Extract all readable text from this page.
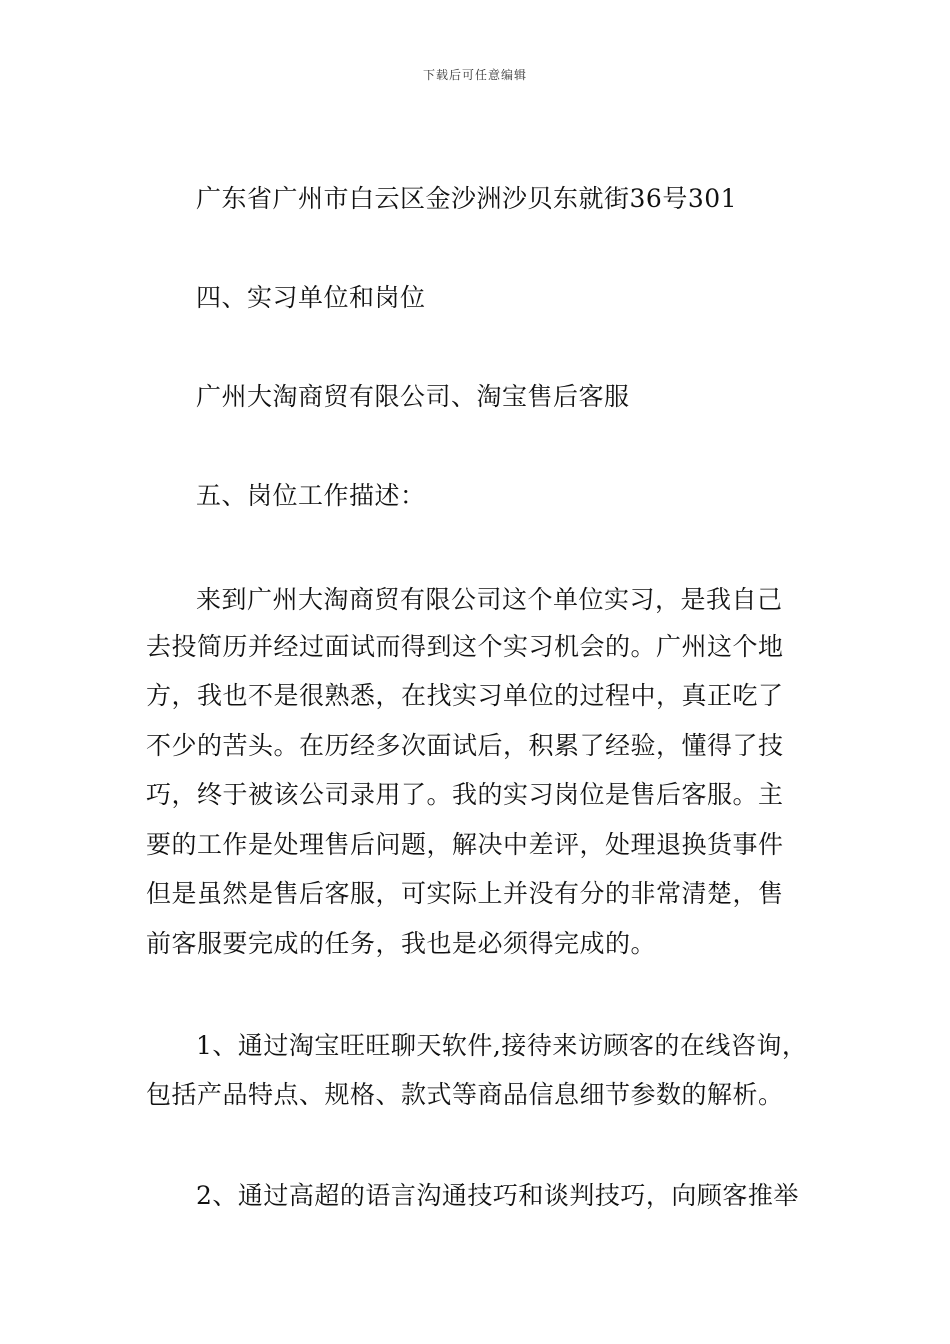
下载后可任意编辑
广东省广州市白云区金沙洲沙贝东就街36号301
四、实习单位和岗位
广州大淘商贸有限公司、淘宝售后客服
五、岗位工作描述：
来到广州大淘商贸有限公司这个单位实习，是我自己
去投简历并经过面试而得到这个实习机会的。广州这个地
方，我也不是很熟悉，在找实习单位的过程中，真正吃了
不少的苦头。在历经多次面试后，积累了经验，懂得了技
巧，终于被该公司录用了。我的实习岗位是售后客服。主
要的工作是处理售后问题，解决中差评，处理退换货事件
但是虽然是售后客服，可实际上并没有分的非常清楚，售
前客服要完成的任务，我也是必须得完成的。
1、通过淘宝旺旺聊天软件,接待来访顾客的在线咨询，
包括产品特点、规格、款式等商品信息细节参数的解析。
2、通过高超的语言沟通技巧和谈判技巧，向顾客推举
